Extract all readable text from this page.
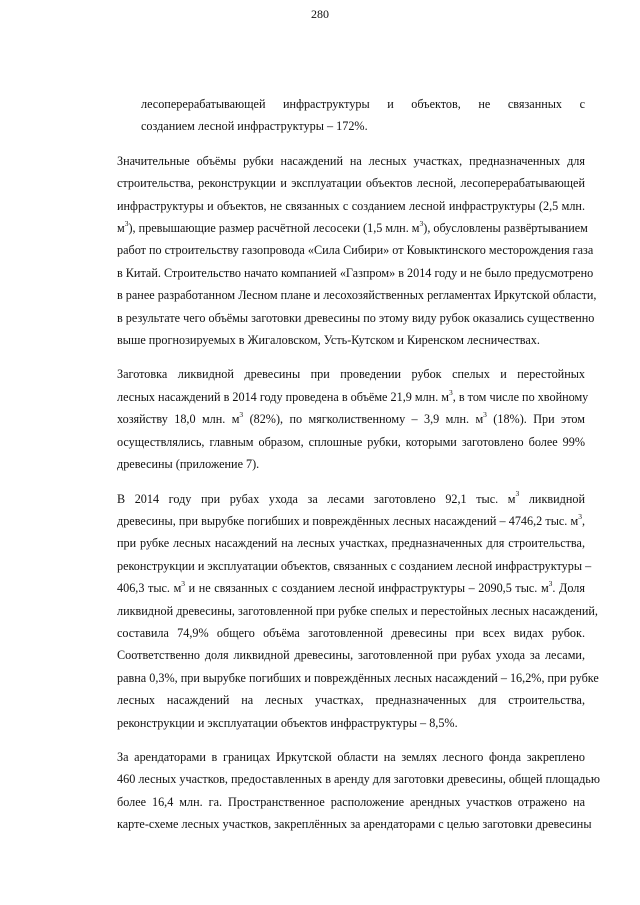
280

лесоперерабатывающей инфраструктуры и объектов, не связанных с
созданием лесной инфраструктуры – 172%.

Значительные объёмы рубки насаждений на лесных участках, предназначенных для
строительства, реконструкции и эксплуатации объектов лесной, лесоперерабатывающей
инфраструктуры и объектов, не связанных с созданием лесной инфраструктуры (2,5 млн.
$м^3$), превышающие размер расчётной лесосеки (1,5 млн. $м^3$), обусловлены развёртыванием
работ по строительству газопровода «Сила Сибири» от Ковыктинского месторождения газа
в Китай. Строительство начато компанией «Газпром» в 2014 году и не было предусмотрено
в ранее разработанном Лесном плане и лесохозяйственных регламентах Иркутской области,
в результате чего объёмы заготовки древесины по этому виду рубок оказались существенно
выше прогнозируемых в Жигаловском, Усть-Кутском и Киренском лесничествах.

Заготовка ликвидной древесины при проведении рубок спелых и перестойных
лесных насаждений в 2014 году проведена в объёме 21,9 млн. $м^3$, в том числе по хвойному
хозяйству 18,0 млн. $м^3$ (82%), по мягколиственному – 3,9 млн. $м^3$ (18%). При этом
осуществлялись, главным образом, сплошные рубки, которыми заготовлено более 99%
древесины (приложение 7).

В 2014 году при рубах ухода за лесами заготовлено 92,1 тыс. $м^3$ ликвидной
древесины, при вырубке погибших и повреждённых лесных насаждений – 4746,2 тыс. $м^3$,
при рубке лесных насаждений на лесных участках, предназначенных для строительства,
реконструкции и эксплуатации объектов, связанных с созданием лесной инфраструктуры –
406,3 тыс. $м^3$ и не связанных с созданием лесной инфраструктуры – 2090,5 тыс. $м^3$. Доля
ликвидной древесины, заготовленной при рубке спелых и перестойных лесных насаждений,
составила 74,9% общего объёма заготовленной древесины при всех видах рубок.
Соответственно доля ликвидной древесины, заготовленной при рубах ухода за лесами,
равна 0,3%, при вырубке погибших и повреждённых лесных насаждений – 16,2%, при рубке
лесных насаждений на лесных участках, предназначенных для строительства,
реконструкции и эксплуатации объектов инфраструктуры – 8,5%.

За арендаторами в границах Иркутской области на землях лесного фонда закреплено
460 лесных участков, предоставленных в аренду для заготовки древесины, общей площадью
более 16,4 млн. га. Пространственное расположение арендных участков отражено на
карте-схеме лесных участков, закреплённых за арендаторами с целью заготовки древесины
